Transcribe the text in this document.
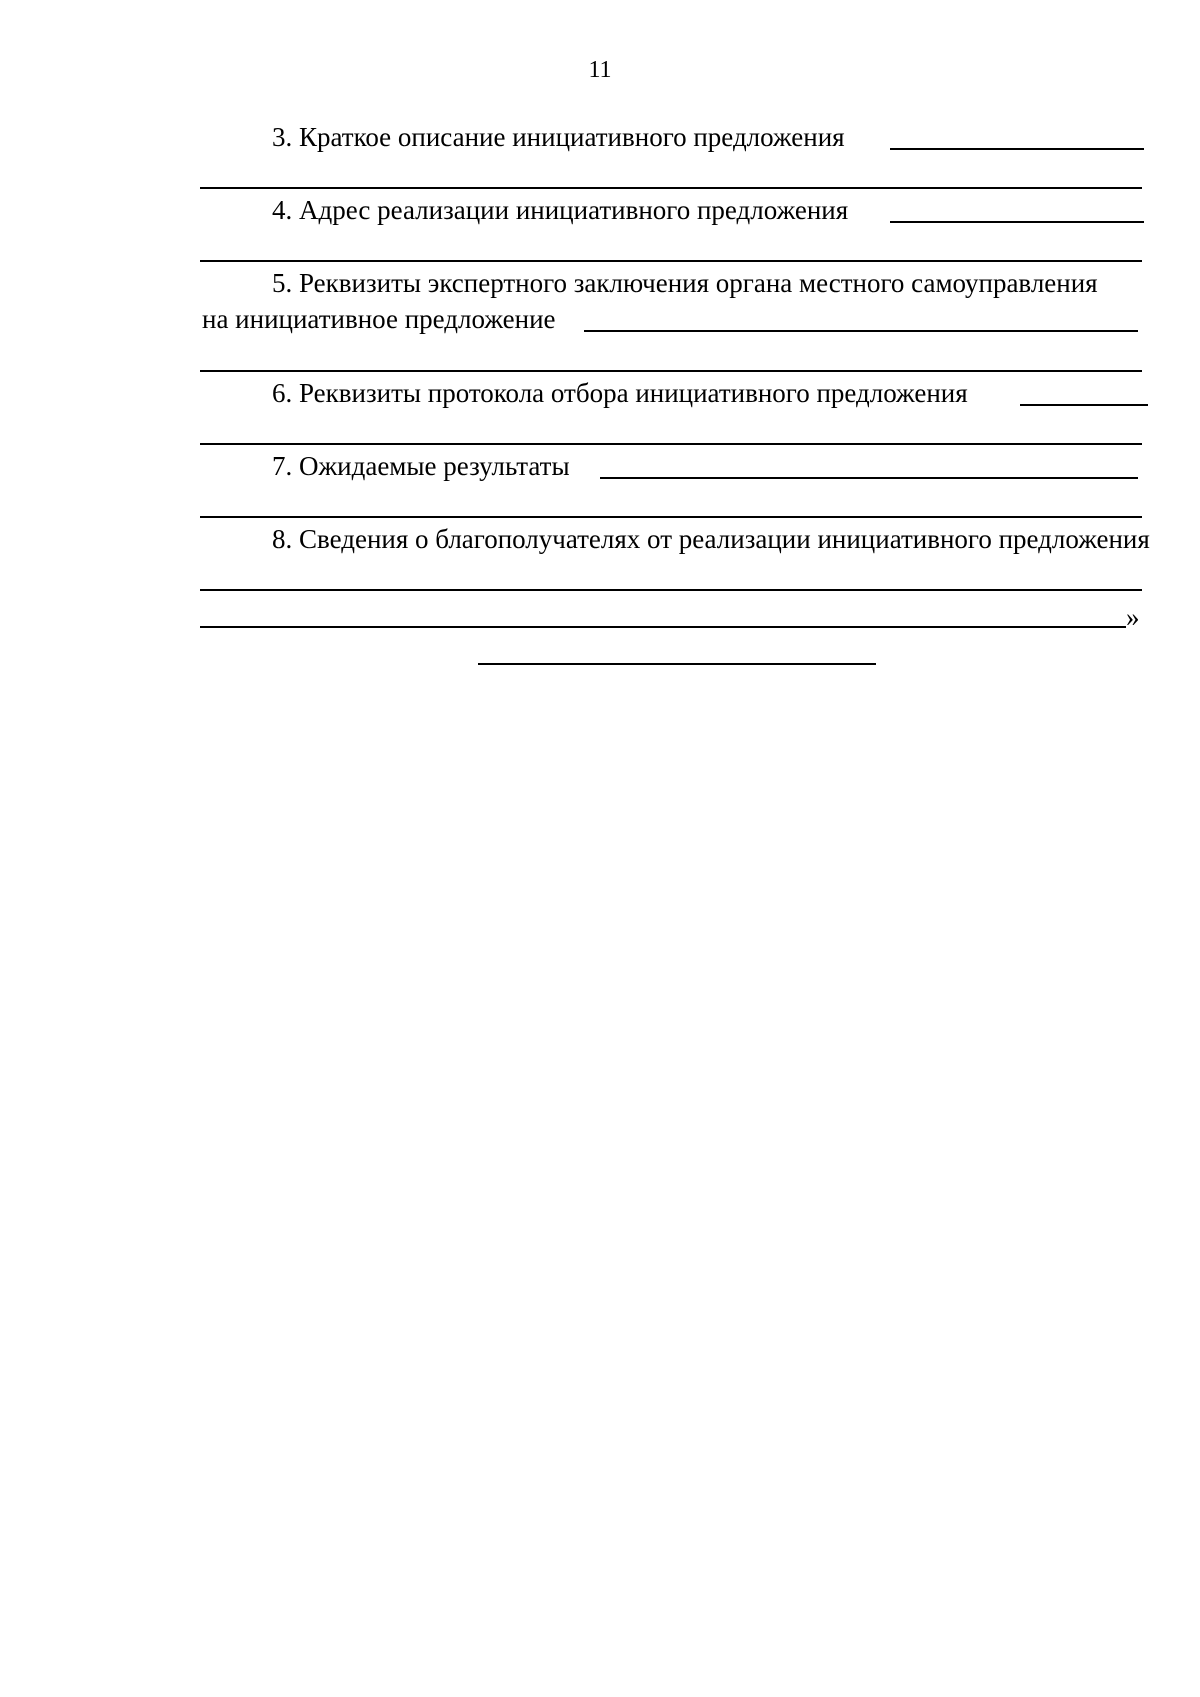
11
3. Краткое описание инициативного предложения
4. Адрес реализации инициативного предложения
5. Реквизиты экспертного заключения органа местного самоуправления
на инициативное предложение
6. Реквизиты протокола отбора инициативного предложения
7. Ожидаемые результаты
8. Сведения о благополучателях от реализации инициативного предложения
»
